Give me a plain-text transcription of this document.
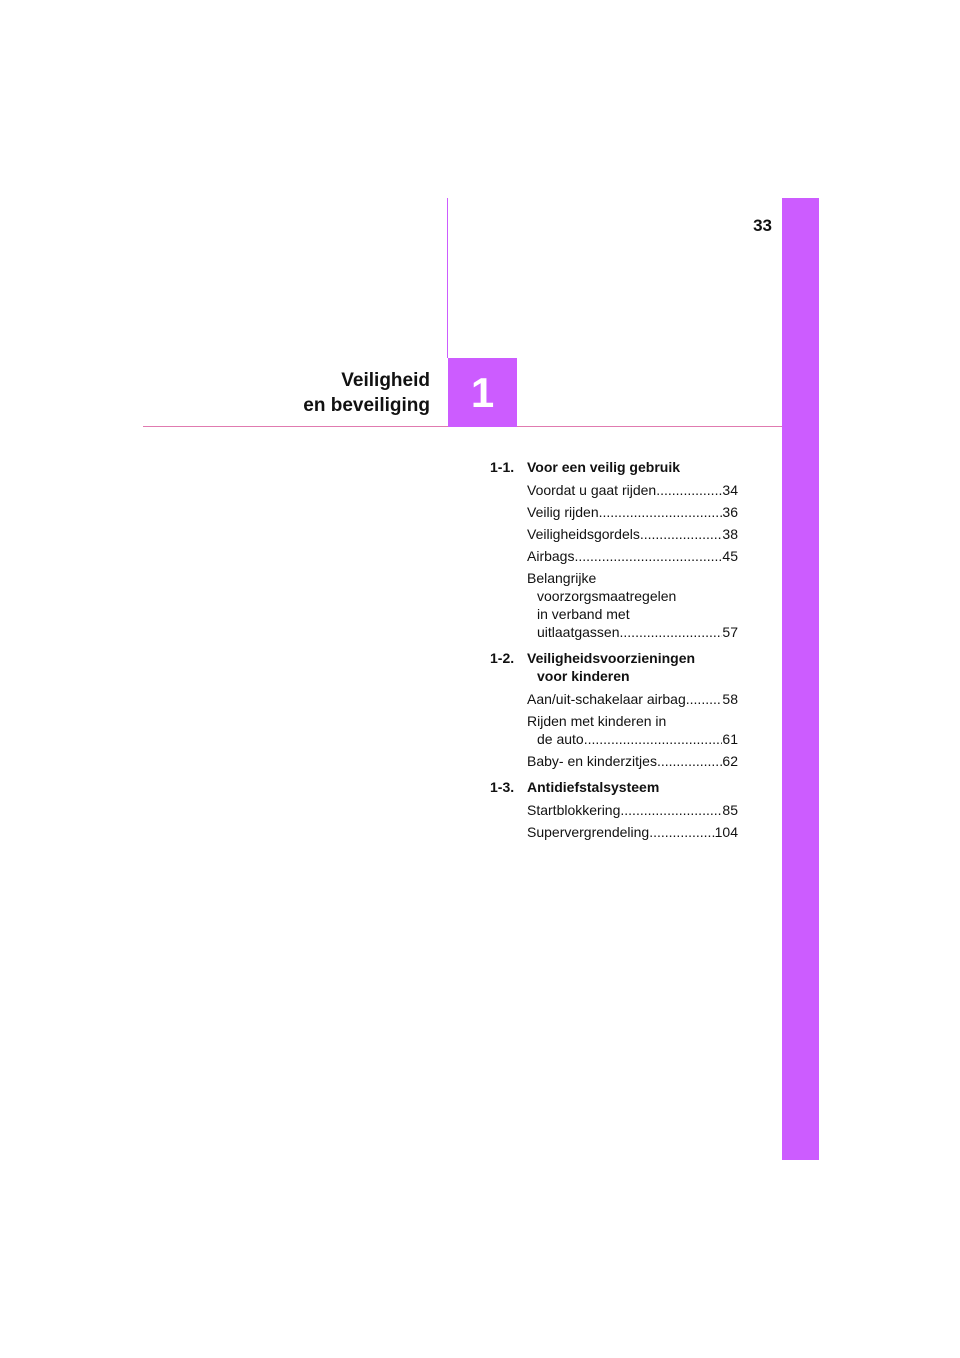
33
1
Veiligheid
en beveiliging
1-1. Voor een veilig gebruik
Voordat u gaat rijden .....	34
Veilig rijden .....	36
Veiligheidsgordels .....	38
Airbags .....	45
Belangrijke
voorzorgsmaatregelen
in verband met
uitlaatgassen .....	57
1-2. Veiligheidsvoorzieningen
voor kinderen
Aan/uit-schakelaar airbag .....	58
Rijden met kinderen in
de auto .....	61
Baby- en kinderzitjes .....	62
1-3. Antidiefstalsysteem
Startblokkering .....	85
Supervergrendeling .....	104
